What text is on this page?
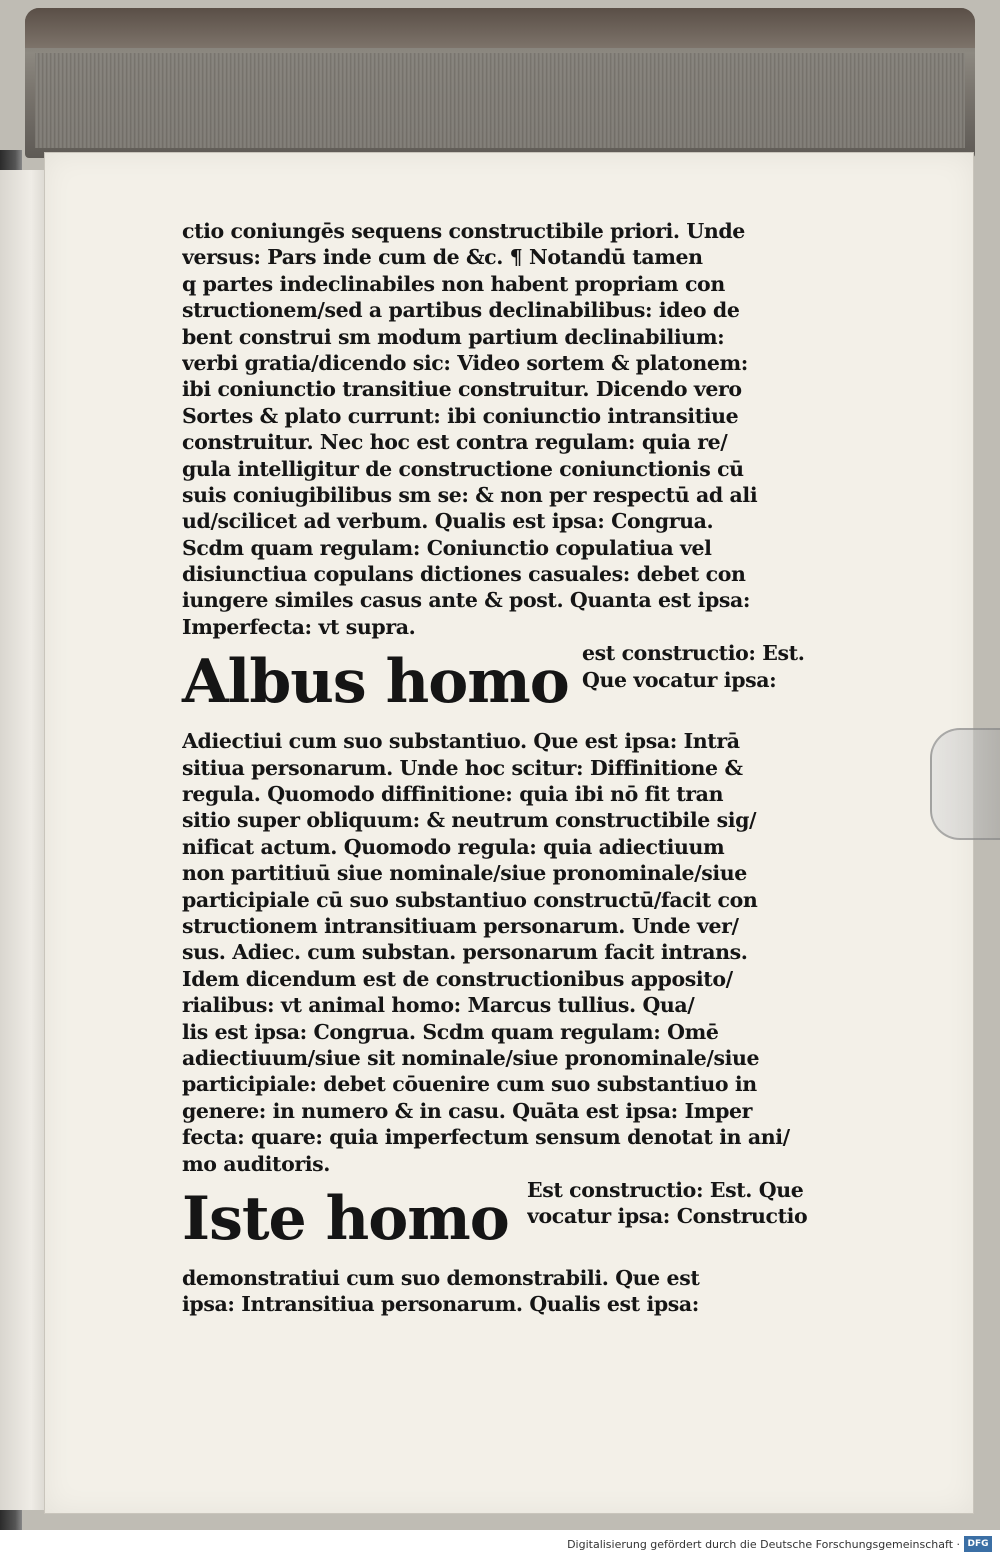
ctio coniungēs sequens constructibile priori. Unde
versus: Pars inde cum de &c. ¶ Notandū tamen
q partes indeclinabiles non habent propriam con
structionem/sed a partibus declinabilibus: ideo de
bent construi sm modum partium declinabilium:
verbi gratia/dicendo sic: Video sortem & platonem:
ibi coniunctio transitiue construitur. Dicendo vero
Sortes & plato currunt: ibi coniunctio intransitiue
construitur. Nec hoc est contra regulam: quia re/
gula intelligitur de constructione coniunctionis cū
suis coniugibilibus sm se: & non per respectū ad ali
ud/scilicet ad verbum. Qualis est ipsa: Congrua.
Scdm quam regulam: Coniunctio copulatiua vel
disiunctiua copulans dictiones casuales: debet con
iungere similes casus ante & post. Quanta est ipsa:
Imperfecta: vt supra.
Albus homo est constructio: Est.
Que vocatur ipsa:
Adiectiui cum suo substantiuo. Que est ipsa: Intrā
sitiua personarum. Unde hoc scitur: Diffinitione &
regula. Quomodo diffinitione: quia ibi nō fit tran
sitio super obliquum: & neutrum constructibile sig/
nificat actum. Quomodo regula: quia adiectiuum
non partitiuū siue nominale/siue pronominale/siue
participiale cū suo substantiuo constructū/facit con
structionem intransitiuam personarum. Unde ver/
sus. Adiec. cum substan. personarum facit intrans.
Idem dicendum est de constructionibus apposito/
rialibus: vt animal homo: Marcus tullius. Qua/
lis est ipsa: Congrua. Scdm quam regulam: Omē
adiectiuum/siue sit nominale/siue pronominale/siue
participiale: debet cōuenire cum suo substantiuo in
genere: in numero & in casu. Quāta est ipsa: Imper
fecta: quare: quia imperfectum sensum denotat in ani/
mo auditoris.
Iste homo Est constructio: Est. Que
vocatur ipsa: Constructio
demonstratiui cum suo demonstrabili. Que est
ipsa: Intransitiua personarum. Qualis est ipsa:
Digitalisierung gefördert durch die Deutsche Forschungsgemeinschaft · DFG
